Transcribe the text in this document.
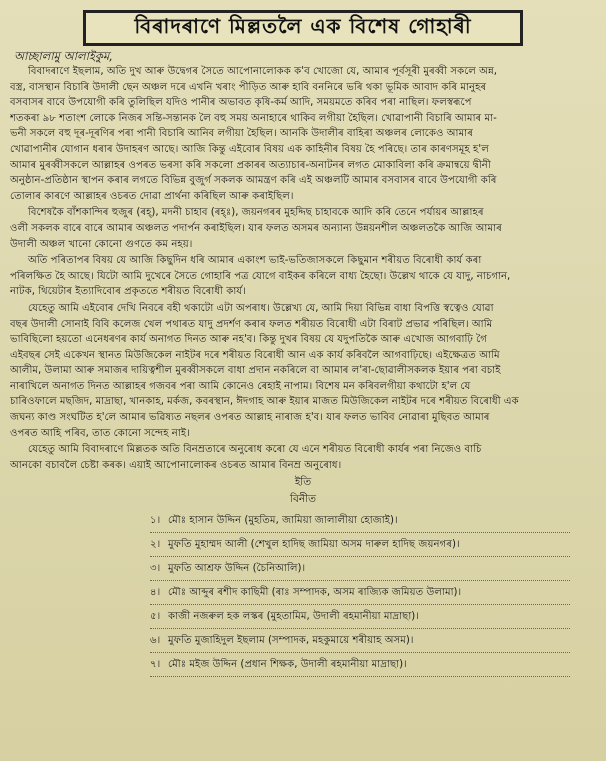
বিৰাদৰাণে মিল্লতলৈ এক বিশেষ গোহাৰী
আচ্ছালামু আলাইকুম,

বিবাদৰাণে ইছলাম, অতি দুখ আৰু উদ্বেগৰ সৈতে আপোনালোকক ক'ব খোজো যে, আমাৰ পূৰ্বসূৰী মুৰব্বী সকলে অন্ন,
বস্ত্ৰ, বাসস্থান বিচাৰি উদালী ছেন অঞ্চল দৰে এখনি খৰাং পীড়িত আৰু হাবি বননিৰে ভৰি থকা ভূমিক আবাদ কৰি মানুহৰ
বসবাসৰ বাবে উপযোগী কৰি তুলিছিল যদিও পানীৰ অভাবত কৃষি-কৰ্ম আদি, সময়মতে কৰিব পৰা নাছিল। ফলস্বৰূপে
শতকৰা ৯৮ শতাংশ লোকে নিজৰ সন্তি-সন্তানক লৈ বহু সময় অনাহাৰে থাকিব লগীয়া হৈছিল। খোৱাপানী বিচাৰি আমাৰ মা-
ভনী সকলে বহু দূৰ-দূৰণিৰ পৰা পানী বিচাৰি আনিব লগীয়া হৈছিল। আনকি উদালীৰ বাহিৰা অঞ্চলৰ লোকেও আমাৰ
খোৱাপানীৰ যোগান ধৰাৰ উদাহৰণ আছে। আজি কিন্তু এইবোৰ বিষয় এক কাহিনীৰ বিষয় হৈ পৰিছে। তাৰ কাৰণসমূহ হ'ল
আমাৰ মুৰব্বীসকলে আল্লাহৰ ওপৰত ভৰসা কৰি সকলো প্ৰকাৰৰ অত্যাচাৰ-অনাটনৰ লগত মোকাবিলা কৰি ক্ৰমান্বয়ে দ্বীনী
অনুষ্ঠান-প্ৰতিষ্ঠান স্থাপন কৰাৰ লগতে বিভিন্ন বুজুৰ্গ সকলক আমন্ত্ৰণ কৰি এই অঞ্চলটি আমাৰ বসবাসৰ বাবে উপযোগী কৰি
তোলাৰ কাৰণে আল্লাহৰ ওচৰত দোৱা প্ৰাৰ্থনা কৰিছিল আৰু কৰাইছিল।

বিশেষকৈ বাঁশকান্দিৰ হুজুৰ (ৰহ্), মদনী চাহাব (ৰহ্ঃ), জয়নগৰৰ মুহদ্দিছ চাহাবকে আদি কৰি তেনে পৰ্যায়ৰ আল্লাহৰ
ওলী সকলক বাৰে বাৰে আমাৰ অঞ্চলত পদাৰ্পন কৰাইছিল। যাৰ ফলত অসমৰ অন্যান্য উন্নয়নশীল অঞ্চলতকৈ আজি আমাৰ
উদালী অঞ্চল খানো কোনো গুণতে কম নহয়।

অতি পৰিতাপৰ বিষয় যে আজি কিছুদিন ধৰি আমাৰ একাংশ ভাই-ভতিজাসকলে কিছুমান শৰীয়ত বিৰোধী কাৰ্য কৰা
পৰিলক্ষিত হৈ আছে। যিটো আমি দুখেৰে সৈতে গোহাৰি পত্ৰ যোগে বাইকৰ কৰিলে বাধ্য হৈছো। উল্লেখ থাকে যে যাদু, নাচগান,
নাটক, থিয়েটাৰ ইত্যাদিবোৰ প্ৰকৃততে শৰীয়ত বিৰোধী কাৰ্য।

যেহেতু আমি এইবোৰ দেখি নিবৰে বহী থকাটো এটা অপৰাধ। উল্লেখ্য যে, আমি দিয়া বিভিন্ন বাধা বিপত্তি স্বত্বেও যোৱা
বছৰ উদালী সোনাই বিবি কলেজ খেল পথাৰত যাদু প্ৰদৰ্শণ কৰাৰ ফলত শৰীয়ত বিৰোধী এটা বিৰাট প্ৰভাৱ পৰিছিল। আমি
ভাবিছিলো হয়তো এনেধৰণৰ কাৰ্য অনাগত দিনত আৰু নহ'ব। কিন্তু দুখৰ বিষয় যে যদুপতিকৈ আৰু এখোজ আগবাঢ়ি গৈ
এইবছৰ সেই একেখন স্থানত মিউজিকেল নাইটৰ দৰে শৰীয়ত বিৰোধী আন এক কাৰ্য কৰিবলৈ আগবাঢ়িছে। এইক্ষেত্ৰত আমি
আলীম, উলামা আৰু সমাজৰ দায়িত্বশীল মুৰব্বীসকলে বাধা প্ৰদান নকৰিলে বা আমাৰ ল'ৰা-ছোৱালীসকলক ইয়াৰ পৰা বচাই
নাৰাখিলে অনাগত দিনত আল্লাহৰ গজবৰ পৰা আমি কোনেও ৰেহাই নাপাম। বিশেষ মন কৰিবলগীয়া কথাটো হ'ল যে
চাৰিওফালে মছজিদ, মাদ্ৰাছা, খানকাহ, মৰ্কজ, কবৰস্থান, ঈদগাহ আৰু ইয়াৰ মাজত মিউজিকেল নাইটৰ দৰে শৰীয়ত বিৰোধী এক
জঘন্য কাণ্ড সংঘটিত হ'লে আমাৰ ভৱিষ্যত নছলৰ ওপৰত আল্লাহ নাৰাজ হ'ব। যাৰ ফলত ভাবিব নোৱাৰা মুছিবত আমাৰ
ওপৰত আহি পৰিব, তাত কোনো সন্দেহ নাই।

যেহেতু আমি বিবাদৰাণে মিল্লতক অতি বিনম্ৰতাৰে অনুৰোধ কৰো যে এনে শৰীয়ত বিৰোধী কাৰ্যৰ পৰা নিজেও বাচি
আনকো বচাবলৈ চেষ্টা কৰক। এয়াই আপোনালোকৰ ওচৰত আমাৰ বিনম্ৰ অনুৰোধ।

ইতি
বিনীত
১। মৌঃ হাসান উদ্দিন (মুহতিম, জামিয়া জালালীয়া হোজাই)।
২। মুফতি মুহাম্মদ আলী (শেখুল হাদিছ জামিয়া অসম দাৰুল হাদিছ জয়নগৰ)।
৩। মুফতি আশ্ৰফ উদ্দিন (চৈনিআলি)।
৪। মৌঃ আব্দুৰ ৰশীদ কাছিমী (ৰাঃ সম্পাদক, অসম ৰাজ্যিক জমিয়ত উলামা)।
৫। কাজী নজৰুল হক লস্কৰ (মুহতামিম, উদালী ৰহমানীয়া মাদ্ৰাছা)।
৬। মুফতি মুজাহিদুল ইছলাম (সম্পাদক, মহকুমায়ে শৰীয়াহ অসম)।
৭। মৌঃ মইজ উদ্দিন (প্ৰধান শিক্ষক, উদালী ৰহমানীয়া মাদ্ৰাছা)।
